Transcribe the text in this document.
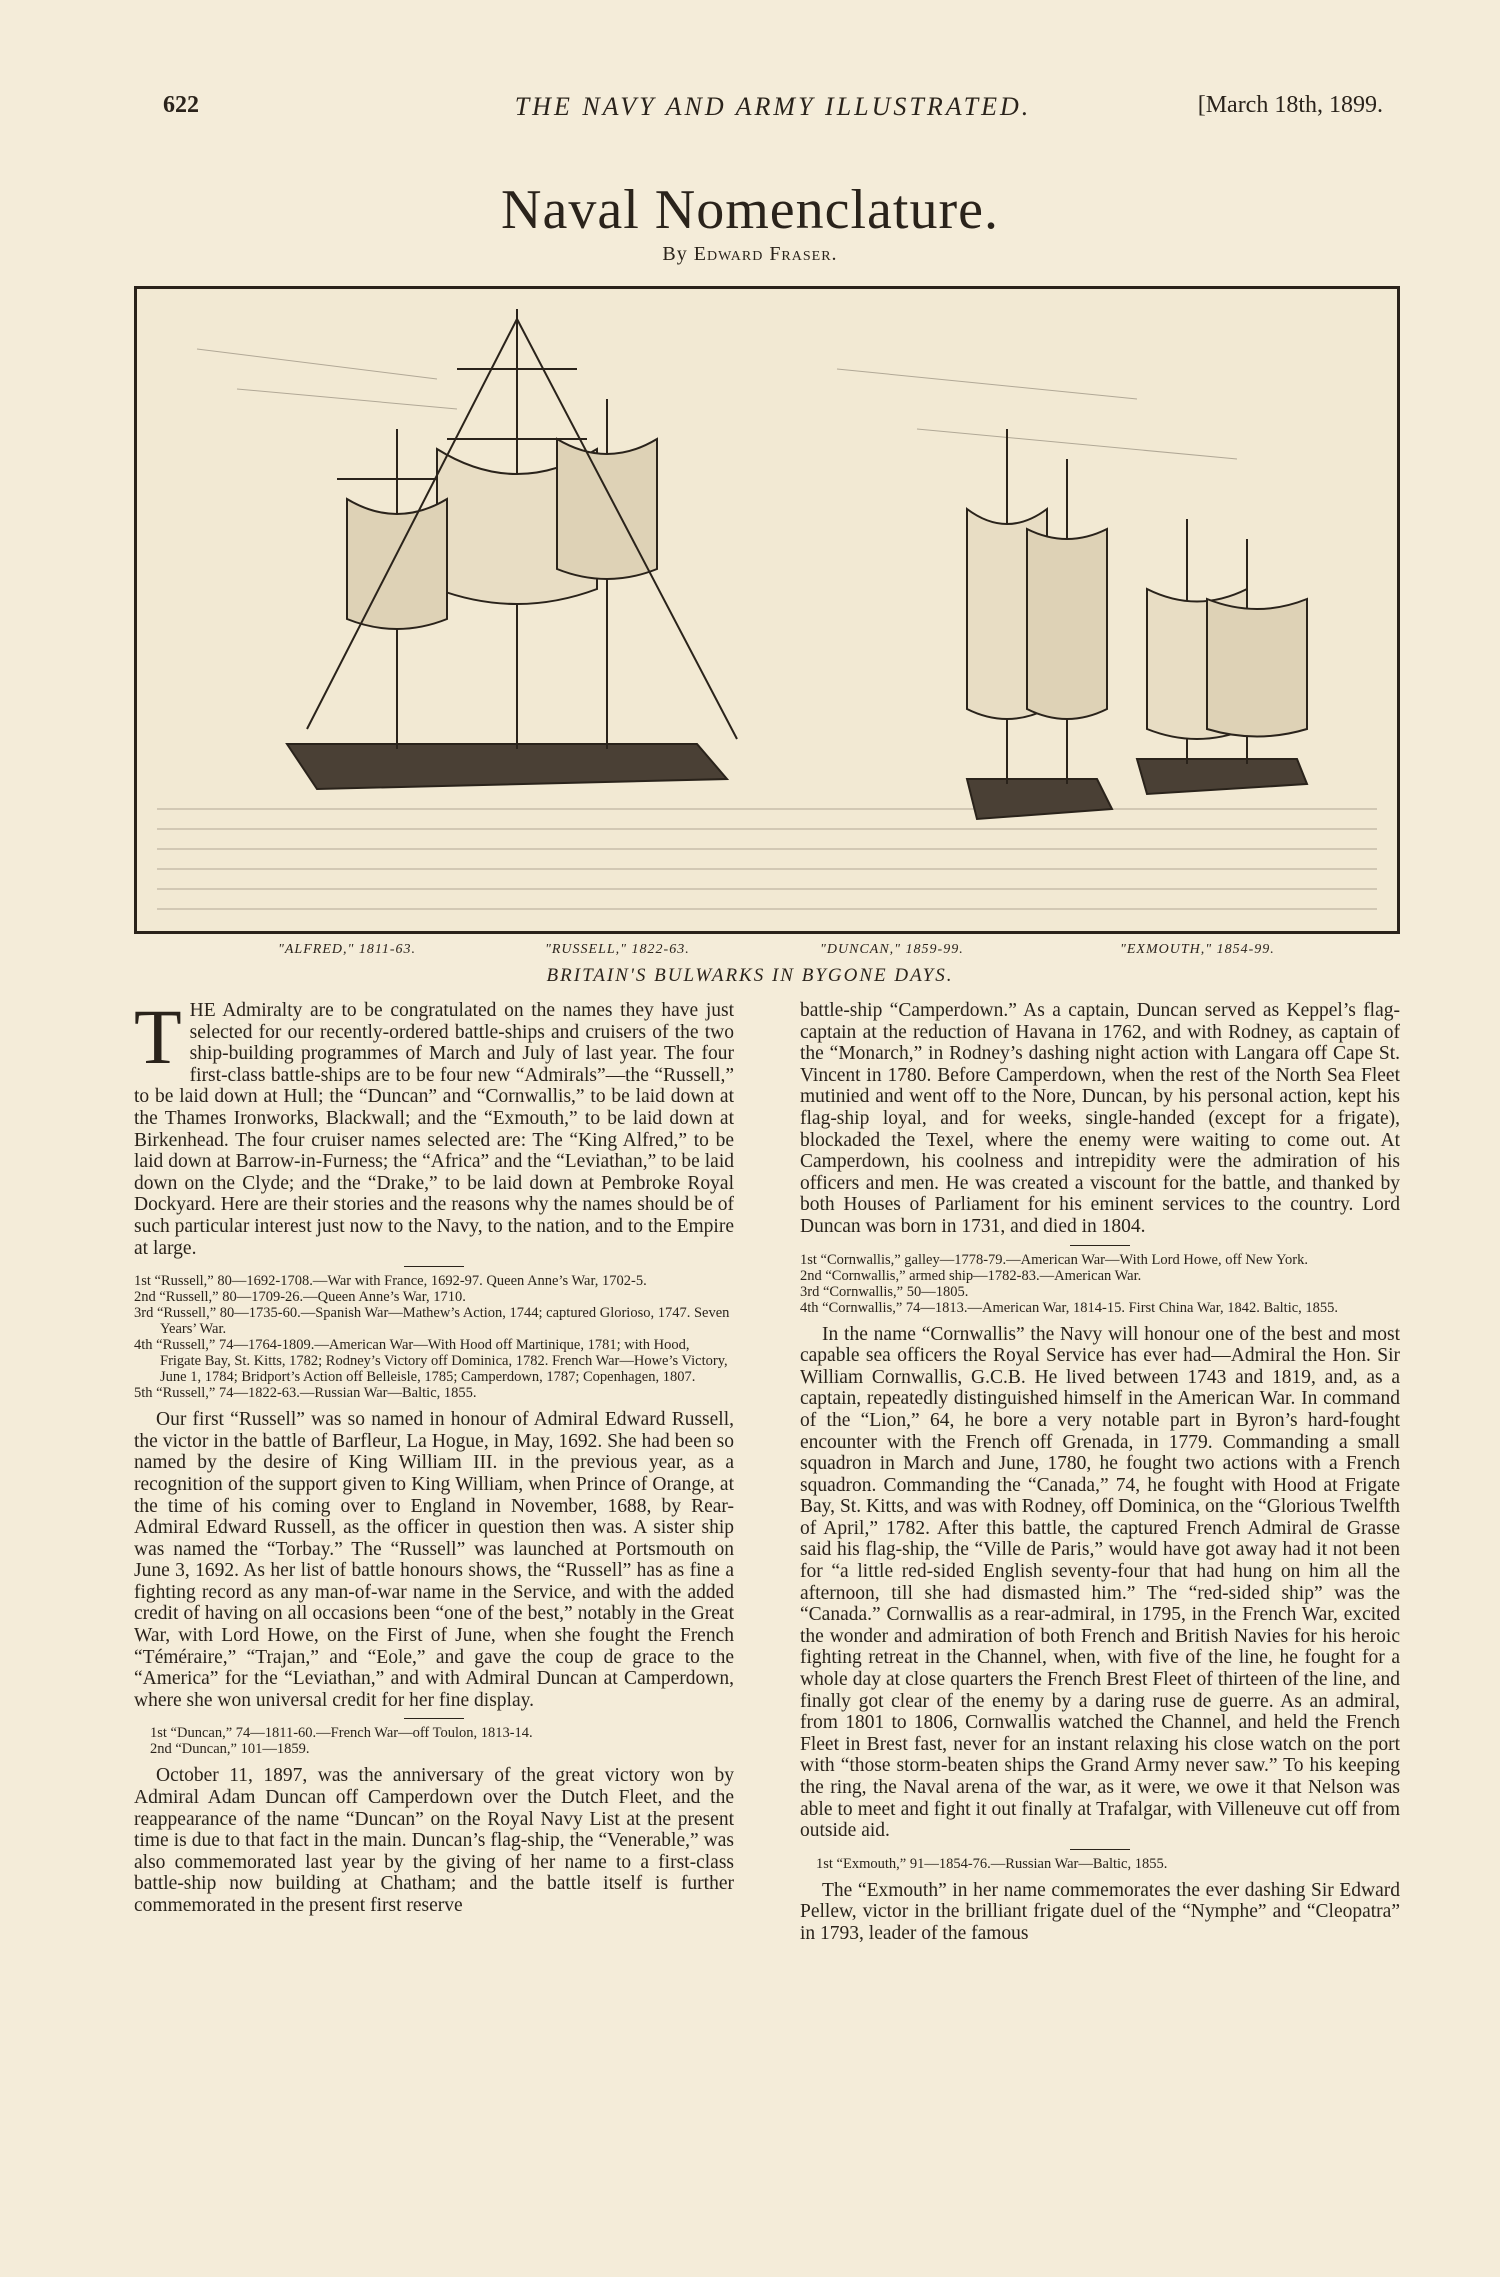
622	THE NAVY AND ARMY ILLUSTRATED.	[March 18th, 1899.
Naval Nomenclature.
By Edward Fraser.
"ALFRED," 1811-63.	"RUSSELL," 1822-63.	"DUNCAN," 1859-99.	"EXMOUTH," 1854-99.
BRITAIN'S BULWARKS IN BYGONE DAYS.

THE Admiralty are to be congratulated on the names they have just selected for our recently-ordered battle-ships and cruisers of the two ship-building programmes of March and July of last year. The four first-class battle-ships are to be four new “Admirals”—the “Russell,” to be laid down at Hull; the “Duncan” and “Cornwallis,” to be laid down at the Thames Ironworks, Blackwall; and the “Exmouth,” to be laid down at Birkenhead. The four cruiser names selected are: The “King Alfred,” to be laid down at Barrow-in-Furness; the “Africa” and the “Leviathan,” to be laid down on the Clyde; and the “Drake,” to be laid down at Pembroke Royal Dockyard. Here are their stories and the reasons why the names should be of such particular interest just now to the Navy, to the nation, and to the Empire at large.

1st “Russell,” 80—1692-1708.—War with France, 1692-97. Queen Anne’s War, 1702-5.
2nd “Russell,” 80—1709-26.—Queen Anne’s War, 1710.
3rd “Russell,” 80—1735-60.—Spanish War—Mathew’s Action, 1744; captured Glorioso, 1747. Seven Years’ War.
4th “Russell,” 74—1764-1809.—American War—With Hood off Martinique, 1781; with Hood, Frigate Bay, St. Kitts, 1782; Rodney’s Victory off Dominica, 1782. French War—Howe’s Victory, June 1, 1784; Bridport’s Action off Belleisle, 1785; Camperdown, 1787; Copenhagen, 1807.
5th “Russell,” 74—1822-63.—Russian War—Baltic, 1855.

Our first “Russell” was so named in honour of Admiral Edward Russell, the victor in the battle of Barfleur, La Hogue, in May, 1692. She had been so named by the desire of King William III. in the previous year, as a recognition of the support given to King William, when Prince of Orange, at the time of his coming over to England in November, 1688, by Rear-Admiral Edward Russell, as the officer in question then was. A sister ship was named the “Torbay.” The “Russell” was launched at Portsmouth on June 3, 1692. As her list of battle honours shows, the “Russell” has as fine a fighting record as any man-of-war name in the Service, and with the added credit of having on all occasions been “one of the best,” notably in the Great War, with Lord Howe, on the First of June, when she fought the French “Téméraire,” “Trajan,” and “Eole,” and gave the coup de grace to the “America” for the “Leviathan,” and with Admiral Duncan at Camperdown, where she won universal credit for her fine display.

1st “Duncan,” 74—1811-60.—French War—off Toulon, 1813-14.
2nd “Duncan,” 101—1859.

October 11, 1897, was the anniversary of the great victory won by Admiral Adam Duncan off Camperdown over the Dutch Fleet, and the reappearance of the name “Duncan” on the Royal Navy List at the present time is due to that fact in the main. Duncan’s flag-ship, the “Venerable,” was also commemorated last year by the giving of her name to a first-class battle-ship now building at Chatham; and the battle itself is further commemorated in the present first reserve

battle-ship “Camperdown.” As a captain, Duncan served as Keppel’s flag-captain at the reduction of Havana in 1762, and with Rodney, as captain of the “Monarch,” in Rodney’s dashing night action with Langara off Cape St. Vincent in 1780. Before Camperdown, when the rest of the North Sea Fleet mutinied and went off to the Nore, Duncan, by his personal action, kept his flag-ship loyal, and for weeks, single-handed (except for a frigate), blockaded the Texel, where the enemy were waiting to come out. At Camperdown, his coolness and intrepidity were the admiration of his officers and men. He was created a viscount for the battle, and thanked by both Houses of Parliament for his eminent services to the country. Lord Duncan was born in 1731, and died in 1804.

1st “Cornwallis,” galley—1778-79.—American War—With Lord Howe, off New York.
2nd “Cornwallis,” armed ship—1782-83.—American War.
3rd “Cornwallis,” 50—1805.
4th “Cornwallis,” 74—1813.—American War, 1814-15. First China War, 1842. Baltic, 1855.

In the name “Cornwallis” the Navy will honour one of the best and most capable sea officers the Royal Service has ever had—Admiral the Hon. Sir William Cornwallis, G.C.B. He lived between 1743 and 1819, and, as a captain, repeatedly distinguished himself in the American War. In command of the “Lion,” 64, he bore a very notable part in Byron’s hard-fought encounter with the French off Grenada, in 1779. Commanding a small squadron in March and June, 1780, he fought two actions with a French squadron. Commanding the “Canada,” 74, he fought with Hood at Frigate Bay, St. Kitts, and was with Rodney, off Dominica, on the “Glorious Twelfth of April,” 1782. After this battle, the captured French Admiral de Grasse said his flag-ship, the “Ville de Paris,” would have got away had it not been for “a little red-sided English seventy-four that had hung on him all the afternoon, till she had dismasted him.” The “red-sided ship” was the “Canada.” Cornwallis as a rear-admiral, in 1795, in the French War, excited the wonder and admiration of both French and British Navies for his heroic fighting retreat in the Channel, when, with five of the line, he fought for a whole day at close quarters the French Brest Fleet of thirteen of the line, and finally got clear of the enemy by a daring ruse de guerre. As an admiral, from 1801 to 1806, Cornwallis watched the Channel, and held the French Fleet in Brest fast, never for an instant relaxing his close watch on the port with “those storm-beaten ships the Grand Army never saw.” To his keeping the ring, the Naval arena of the war, as it were, we owe it that Nelson was able to meet and fight it out finally at Trafalgar, with Villeneuve cut off from outside aid.

1st “Exmouth,” 91—1854-76.—Russian War—Baltic, 1855.

The “Exmouth” in her name commemorates the ever dashing Sir Edward Pellew, victor in the brilliant frigate duel of the “Nymphe” and “Cleopatra” in 1793, leader of the famous
